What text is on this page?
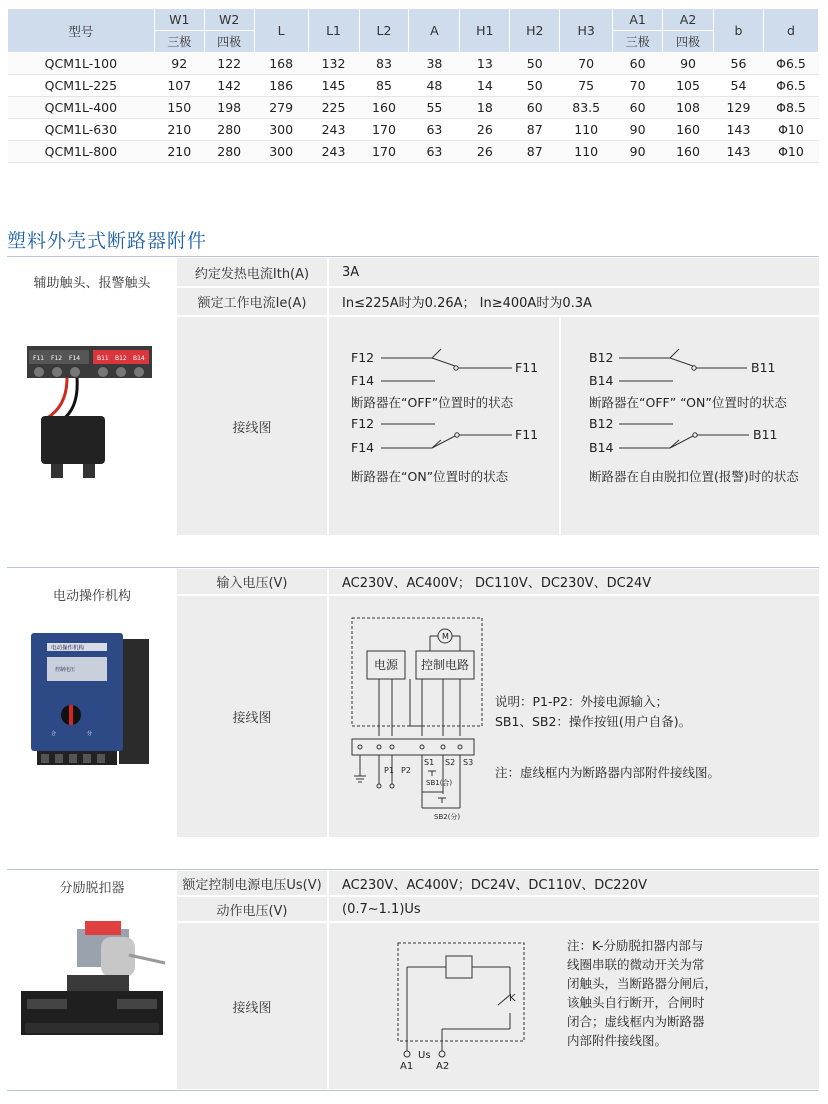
型号	W1	W2	L	L1	L2	A	H1	H2	H3	A1	A2	b	d
	三极	四极								三极	四极		
QCM1L-100	92	122	168	132	83	38	13	50	70	60	90	56	Φ6.5
QCM1L-225	107	142	186	145	85	48	14	50	75	70	105	54	Φ6.5
QCM1L-400	150	198	279	225	160	55	18	60	83.5	60	108	129	Φ8.5
QCM1L-630	210	280	300	243	170	63	26	87	110	90	160	143	Φ10
QCM1L-800	210	280	300	243	170	63	26	87	110	90	160	143	Φ10
塑料外壳式断路器附件
辅助触头、报警触头
F11 F12 F14	B11 B12 B14
约定发热电流Ith(A)	3A
额定工作电流Ie(A)	In≤225A时为0.26A； In≥400A时为0.3A
接线图
F12
F14
F11
F12
F14
F11
断路器在“OFF”位置时的状态
断路器在“ON”位置时的状态
B12
B14
B11
B12
B14
B11
断路器在“OFF” “ON”位置时的状态
断路器在自由脱扣位置(报警)时的状态
电动操作机构
电动操作机构
控制电压
合	分
输入电压(V)	AC230V、AC400V； DC110V、DC230V、DC24V
接线图
M
电源 控制电路
P1 P2
S1 S2 S3
SB1(合)
SB2(分)
说明：P1-P2：外接电源输入；
SB1、SB2：操作按钮(用户自备)。
注：虚线框内为断路器内部附件接线图。
分励脱扣器	额定控制电源电压Us(V)	AC230V、AC400V；DC24V、DC110V、DC220V
动作电压(V)	(0.7~1.1)Us
接线图
K
Us
A1 A2
注：K-分励脱扣器内部与
线圈串联的微动开关为常
闭触头，当断路器分闸后，
该触头自行断开，合闸时
闭合；虚线框内为断路器
内部附件接线图。
